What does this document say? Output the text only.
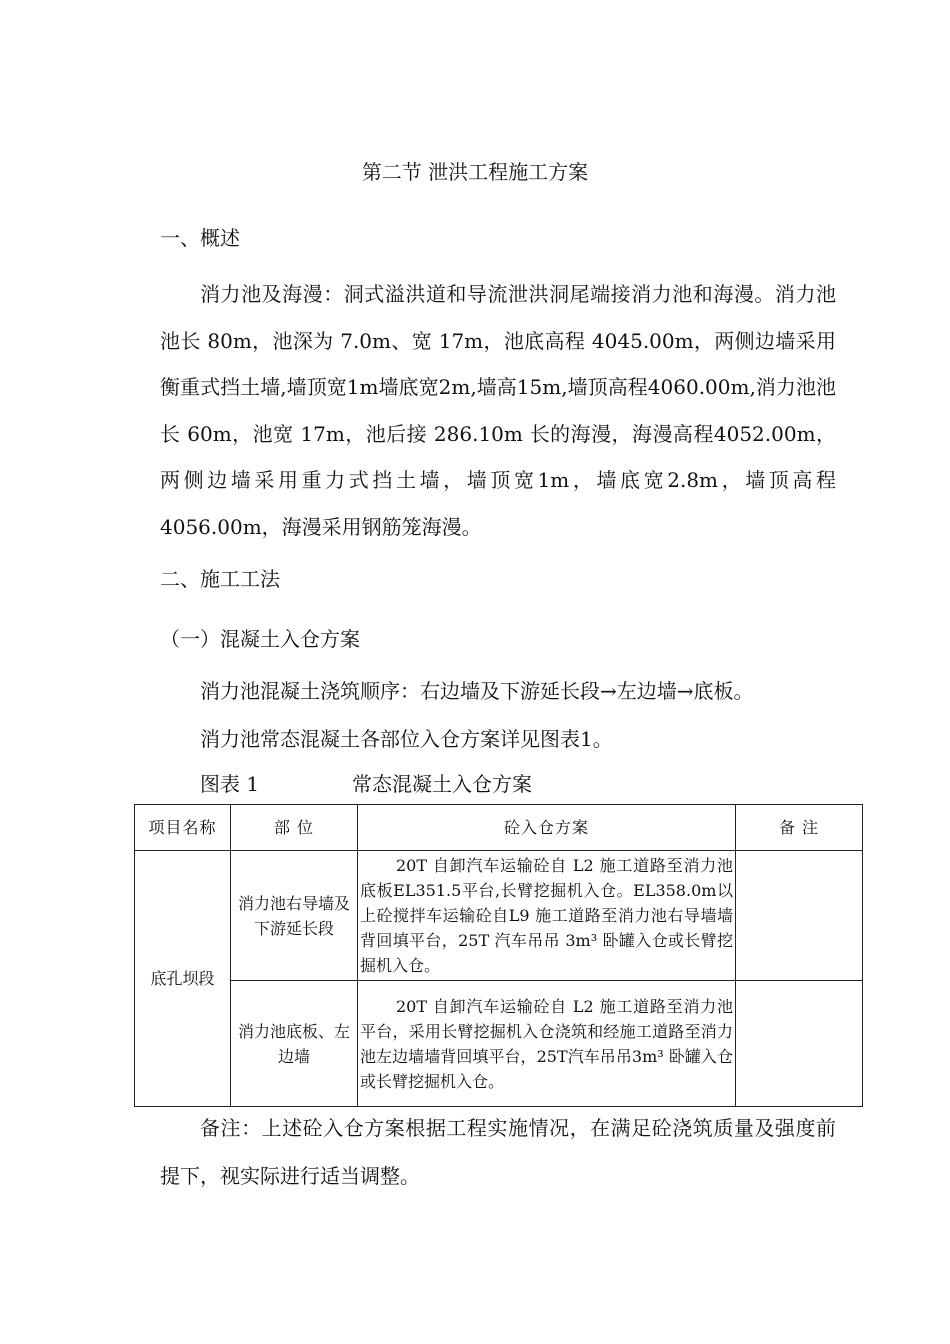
第二节 泄洪工程施工方案
一、概述
消力池及海漫：洞式溢洪道和导流泄洪洞尾端接消力池和海漫。消力池池长 80m，池深为 7.0m、宽 17m，池底高程 4045.00m，两侧边墙采用衡重式挡土墙,墙顶宽1m墙底宽2m,墙高15m,墙顶高程4060.00m,消力池池长 60m，池宽 17m，池后接 286.10m 长的海漫，海漫高程4052.00m，两侧边墙采用重力式挡土墙，墙顶宽1m，墙底宽2.8m，墙顶高程4056.00m，海漫采用钢筋笼海漫。
二、施工工法
（一）混凝土入仓方案
消力池混凝土浇筑顺序：右边墙及下游延长段→左边墙→底板。
消力池常态混凝土各部位入仓方案详见图表1。
图表 1	常态混凝土入仓方案
项目名称	部 位	砼入仓方案	备 注
底孔坝段	消力池右导墙及下游延长段	20T 自卸汽车运输砼自 L2 施工道路至消力池底板EL351.5平台,长臂挖掘机入仓。EL358.0m以上砼搅拌车运输砼自L9 施工道路至消力池右导墙墙背回填平台，25T 汽车吊吊 3m³ 卧罐入仓或长臂挖掘机入仓。	
	消力池底板、左边墙	20T 自卸汽车运输砼自 L2 施工道路至消力池平台，采用长臂挖掘机入仓浇筑和经施工道路至消力池左边墙墙背回填平台，25T汽车吊吊3m³ 卧罐入仓或长臂挖掘机入仓。	
备注：上述砼入仓方案根据工程实施情况，在满足砼浇筑质量及强度前提下，视实际进行适当调整。
